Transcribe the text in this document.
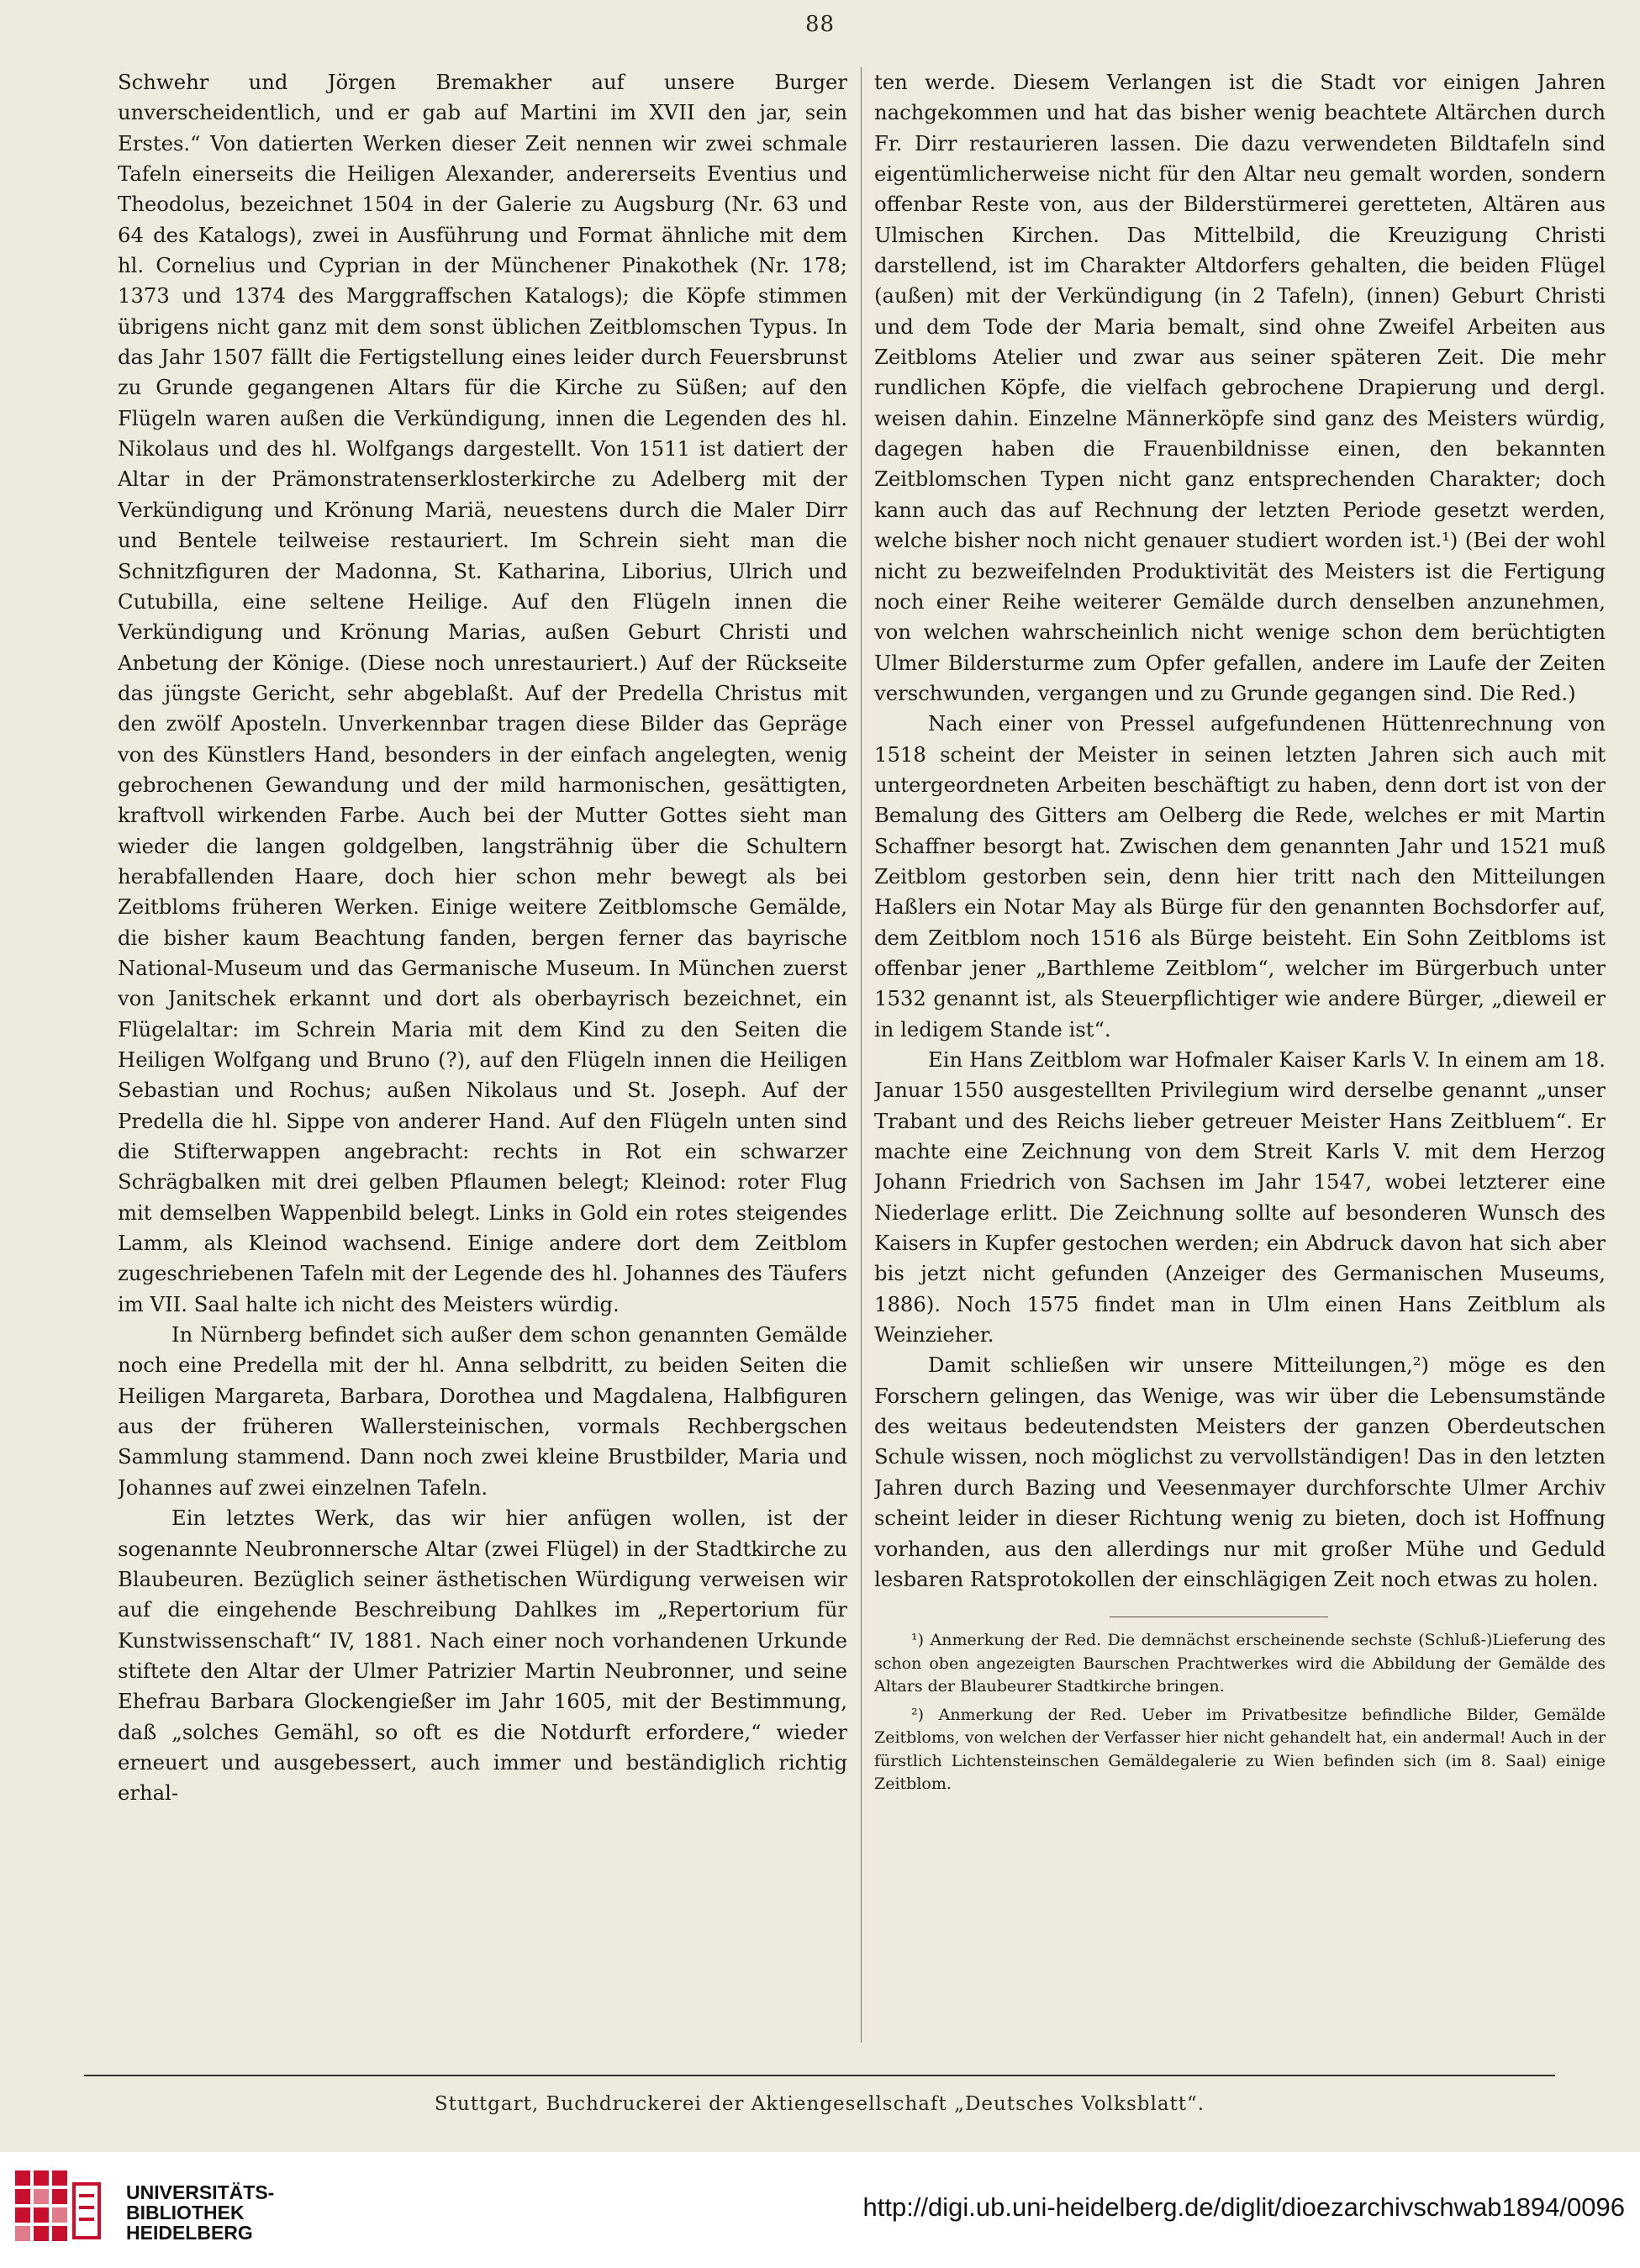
88

Schwehr und Jörgen Bremakher auf unsere Burger unverscheidentlich, und er gab auf Martini im XVII den jar, sein Erstes.“ Von datierten Werken dieser Zeit nennen wir zwei schmale Tafeln einerseits die Heiligen Alexander, andererseits Eventius und Theodolus, bezeichnet 1504 in der Galerie zu Augsburg (Nr. 63 und 64 des Katalogs), zwei in Ausführung und Format ähnliche mit dem hl. Cornelius und Cyprian in der Münchener Pinakothek (Nr. 178; 1373 und 1374 des Marggraffschen Katalogs); die Köpfe stimmen übrigens nicht ganz mit dem sonst üblichen Zeitblomschen Typus. In das Jahr 1507 fällt die Fertigstellung eines leider durch Feuersbrunst zu Grunde gegangenen Altars für die Kirche zu Süßen; auf den Flügeln waren außen die Verkündigung, innen die Legenden des hl. Nikolaus und des hl. Wolfgangs dargestellt. Von 1511 ist datiert der Altar in der Prämonstratenserklosterkirche zu Adelberg mit der Verkündigung und Krönung Mariä, neuestens durch die Maler Dirr und Bentele teilweise restauriert. Im Schrein sieht man die Schnitzfiguren der Madonna, St. Katharina, Liborius, Ulrich und Cutubilla, eine seltene Heilige. Auf den Flügeln innen die Verkündigung und Krönung Marias, außen Geburt Christi und Anbetung der Könige. (Diese noch unrestauriert.) Auf der Rückseite das jüngste Gericht, sehr abgeblaßt. Auf der Predella Christus mit den zwölf Aposteln. Unverkennbar tragen diese Bilder das Gepräge von des Künstlers Hand, besonders in der einfach angelegten, wenig gebrochenen Gewandung und der mild harmonischen, gesättigten, kraftvoll wirkenden Farbe. Auch bei der Mutter Gottes sieht man wieder die langen goldgelben, langsträhnig über die Schultern herabfallenden Haare, doch hier schon mehr bewegt als bei Zeitbloms früheren Werken. Einige weitere Zeitblomsche Gemälde, die bisher kaum Beachtung fanden, bergen ferner das bayrische National-Museum und das Germanische Museum. In München zuerst von Janitschek erkannt und dort als oberbayrisch bezeichnet, ein Flügelaltar: im Schrein Maria mit dem Kind zu den Seiten die Heiligen Wolfgang und Bruno (?), auf den Flügeln innen die Heiligen Sebastian und Rochus; außen Nikolaus und St. Joseph. Auf der Predella die hl. Sippe von anderer Hand. Auf den Flügeln unten sind die Stifterwappen angebracht: rechts in Rot ein schwarzer Schrägbalken mit drei gelben Pflaumen belegt; Kleinod: roter Flug mit demselben Wappenbild belegt. Links in Gold ein rotes steigendes Lamm, als Kleinod wachsend. Einige andere dort dem Zeitblom zugeschriebenen Tafeln mit der Legende des hl. Johannes des Täufers im VII. Saal halte ich nicht des Meisters würdig.

In Nürnberg befindet sich außer dem schon genannten Gemälde noch eine Predella mit der hl. Anna selbdritt, zu beiden Seiten die Heiligen Margareta, Barbara, Dorothea und Magdalena, Halbfiguren aus der früheren Wallersteinischen, vormals Rechbergschen Sammlung stammend. Dann noch zwei kleine Brustbilder, Maria und Johannes auf zwei einzelnen Tafeln.

Ein letztes Werk, das wir hier anfügen wollen, ist der sogenannte Neubronnersche Altar (zwei Flügel) in der Stadtkirche zu Blaubeuren. Bezüglich seiner ästhetischen Würdigung verweisen wir auf die eingehende Beschreibung Dahlkes im „Repertorium für Kunstwissenschaft“ IV, 1881. Nach einer noch vorhandenen Urkunde stiftete den Altar der Ulmer Patrizier Martin Neubronner, und seine Ehefrau Barbara Glockengießer im Jahr 1605, mit der Bestimmung, daß „solches Gemähl, so oft es die Notdurft erfordere,“ wieder erneuert und ausgebessert, auch immer und beständiglich richtig erhal-

ten werde. Diesem Verlangen ist die Stadt vor einigen Jahren nachgekommen und hat das bisher wenig beachtete Altärchen durch Fr. Dirr restaurieren lassen. Die dazu verwendeten Bildtafeln sind eigentümlicherweise nicht für den Altar neu gemalt worden, sondern offenbar Reste von, aus der Bilderstürmerei geretteten, Altären aus Ulmischen Kirchen. Das Mittelbild, die Kreuzigung Christi darstellend, ist im Charakter Altdorfers gehalten, die beiden Flügel (außen) mit der Verkündigung (in 2 Tafeln), (innen) Geburt Christi und dem Tode der Maria bemalt, sind ohne Zweifel Arbeiten aus Zeitbloms Atelier und zwar aus seiner späteren Zeit. Die mehr rundlichen Köpfe, die vielfach gebrochene Drapierung und dergl. weisen dahin. Einzelne Männerköpfe sind ganz des Meisters würdig, dagegen haben die Frauenbildnisse einen, den bekannten Zeitblomschen Typen nicht ganz entsprechenden Charakter; doch kann auch das auf Rechnung der letzten Periode gesetzt werden, welche bisher noch nicht genauer studiert worden ist.¹) (Bei der wohl nicht zu bezweifelnden Produktivität des Meisters ist die Fertigung noch einer Reihe weiterer Gemälde durch denselben anzunehmen, von welchen wahrscheinlich nicht wenige schon dem berüchtigten Ulmer Bildersturme zum Opfer gefallen, andere im Laufe der Zeiten verschwunden, vergangen und zu Grunde gegangen sind. Die Red.)

Nach einer von Pressel aufgefundenen Hüttenrechnung von 1518 scheint der Meister in seinen letzten Jahren sich auch mit untergeordneten Arbeiten beschäftigt zu haben, denn dort ist von der Bemalung des Gitters am Oelberg die Rede, welches er mit Martin Schaffner besorgt hat. Zwischen dem genannten Jahr und 1521 muß Zeitblom gestorben sein, denn hier tritt nach den Mitteilungen Haßlers ein Notar May als Bürge für den genannten Bochsdorfer auf, dem Zeitblom noch 1516 als Bürge beisteht. Ein Sohn Zeitbloms ist offenbar jener „Barthleme Zeitblom“, welcher im Bürgerbuch unter 1532 genannt ist, als Steuerpflichtiger wie andere Bürger, „dieweil er in ledigem Stande ist“.

Ein Hans Zeitblom war Hofmaler Kaiser Karls V. In einem am 18. Januar 1550 ausgestellten Privilegium wird derselbe genannt „unser Trabant und des Reichs lieber getreuer Meister Hans Zeitbluem“. Er machte eine Zeichnung von dem Streit Karls V. mit dem Herzog Johann Friedrich von Sachsen im Jahr 1547, wobei letzterer eine Niederlage erlitt. Die Zeichnung sollte auf besonderen Wunsch des Kaisers in Kupfer gestochen werden; ein Abdruck davon hat sich aber bis jetzt nicht gefunden (Anzeiger des Germanischen Museums, 1886). Noch 1575 findet man in Ulm einen Hans Zeitblum als Weinzieher.

Damit schließen wir unsere Mitteilungen,²) möge es den Forschern gelingen, das Wenige, was wir über die Lebensumstände des weitaus bedeutendsten Meisters der ganzen Oberdeutschen Schule wissen, noch möglichst zu vervollständigen! Das in den letzten Jahren durch Bazing und Veesenmayer durchforschte Ulmer Archiv scheint leider in dieser Richtung wenig zu bieten, doch ist Hoffnung vorhanden, aus den allerdings nur mit großer Mühe und Geduld lesbaren Ratsprotokollen der einschlägigen Zeit noch etwas zu holen.

¹) Anmerkung der Red. Die demnächst erscheinende sechste (Schluß-)Lieferung des schon oben angezeigten Baurschen Prachtwerkes wird die Abbildung der Gemälde des Altars der Blaubeurer Stadtkirche bringen.

²) Anmerkung der Red. Ueber im Privatbesitze befindliche Bilder, Gemälde Zeitbloms, von welchen der Verfasser hier nicht gehandelt hat, ein andermal! Auch in der fürstlich Lichtensteinschen Gemäldegalerie zu Wien befinden sich (im 8. Saal) einige Zeitblom.

Stuttgart, Buchdruckerei der Aktiengesellschaft „Deutsches Volksblatt“.
UNIVERSITÄTS-
BIBLIOTHEK
HEIDELBERG
http://digi.ub.uni-heidelberg.de/diglit/dioezarchivschwab1894/0096
